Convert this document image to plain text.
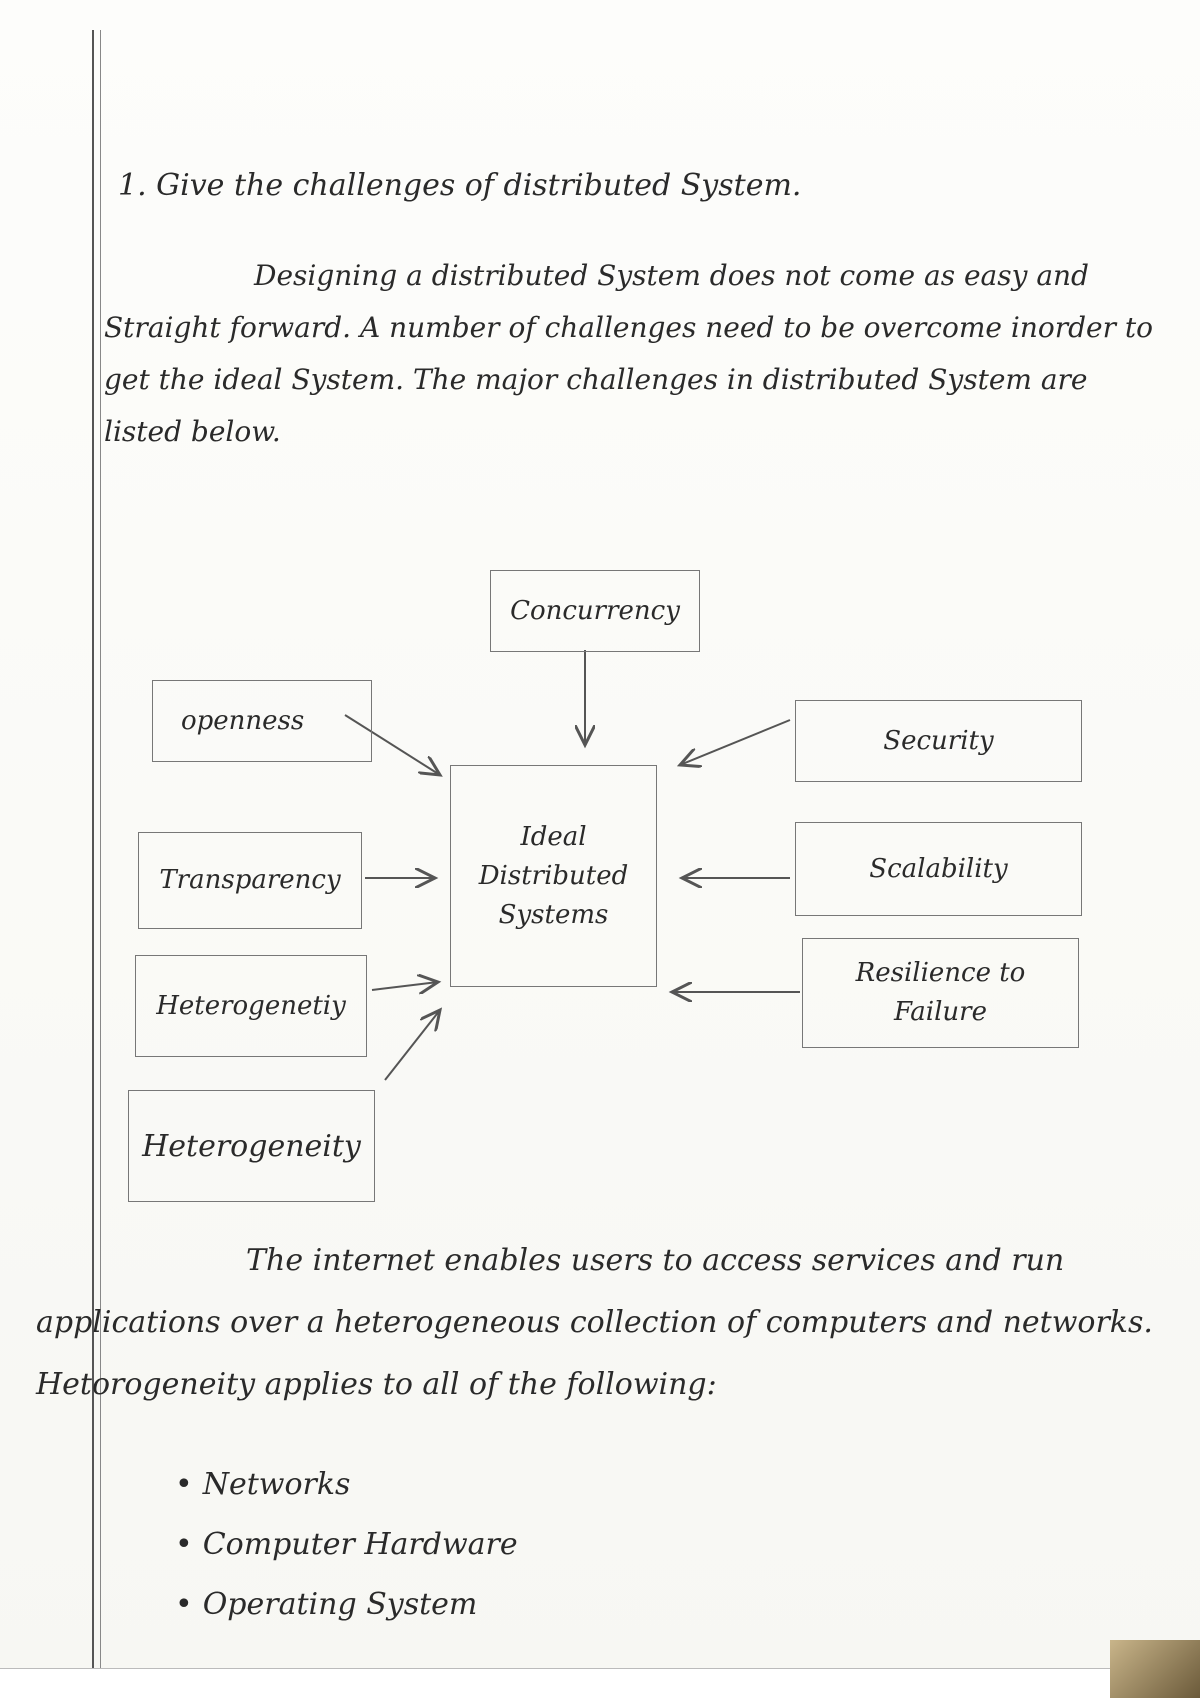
1. Give the challenges of distributed System.
Designing a distributed System does not come as easy and Straight forward. A number of challenges need to be overcome inorder to get the ideal System. The major challenges in distributed System are listed below.
Concurrency
openness
Security
Ideal Distributed Systems
Transparency	Scalability
Heterogenetiy
Resilience to Failure
Heterogeneity
The internet enables users to access services and run applications over a heterogeneous collection of computers and networks. Hetorogeneity applies to all of the following:
• Networks
• Computer Hardware
• Operating System
